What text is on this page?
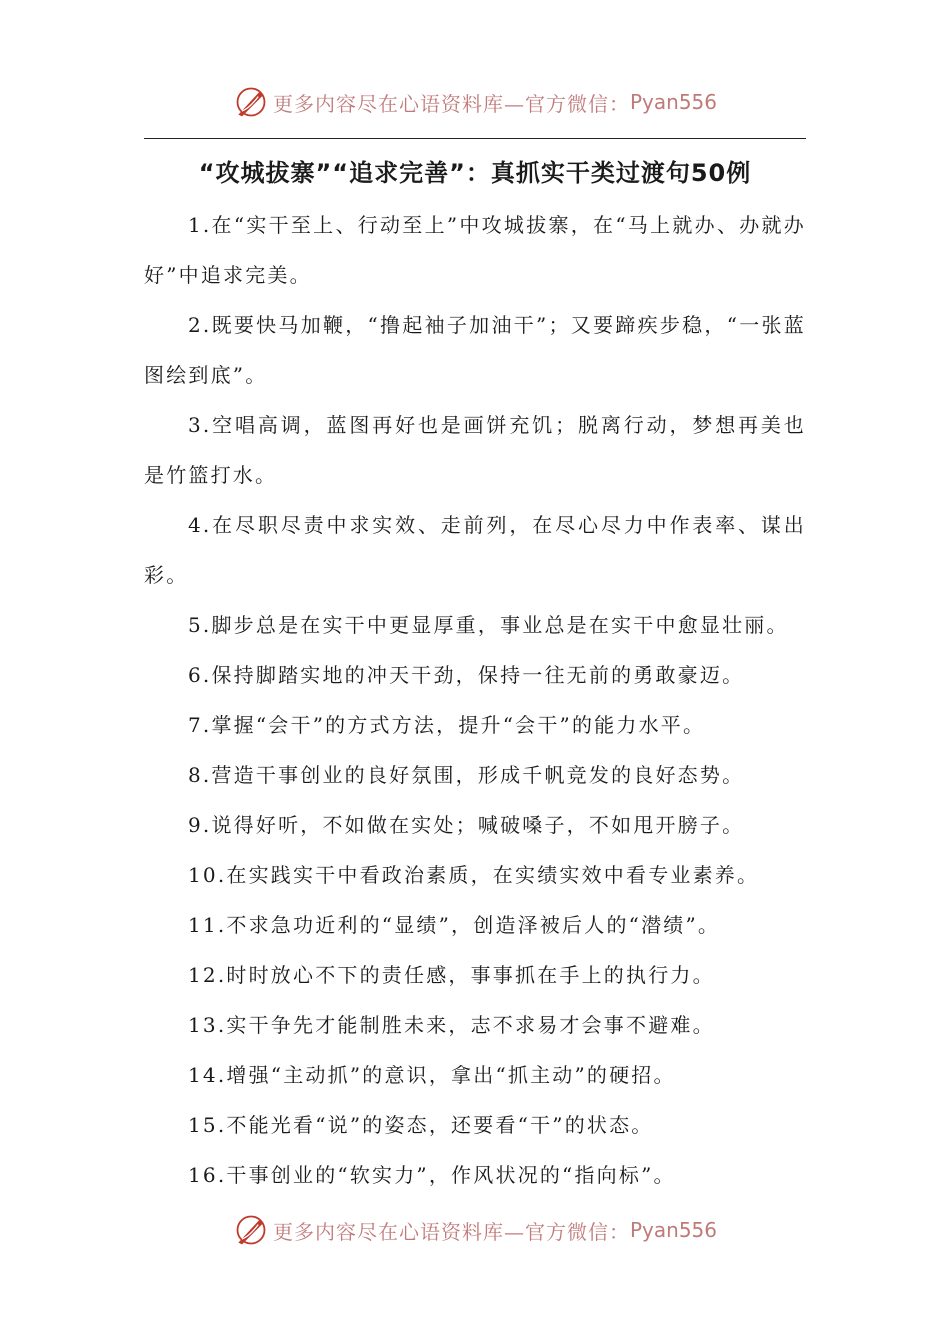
更多内容尽在心语资料库—官方微信： Pyan556
“攻城拔寨”“追求完善”：真抓实干类过渡句50例

1.在“实干至上、行动至上”中攻城拔寨，在“马上就办、办就办好”中追求完美。

2.既要快马加鞭，“撸起袖子加油干”；又要蹄疾步稳，“一张蓝图绘到底”。

3.空唱高调，蓝图再好也是画饼充饥；脱离行动，梦想再美也是竹篮打水。

4.在尽职尽责中求实效、走前列，在尽心尽力中作表率、谋出彩。

5.脚步总是在实干中更显厚重，事业总是在实干中愈显壮丽。

6.保持脚踏实地的冲天干劲，保持一往无前的勇敢豪迈。

7.掌握“会干”的方式方法，提升“会干”的能力水平。

8.营造干事创业的良好氛围，形成千帆竞发的良好态势。

9.说得好听，不如做在实处；喊破嗓子，不如甩开膀子。

10.在实践实干中看政治素质，在实绩实效中看专业素养。

11.不求急功近利的“显绩”，创造泽被后人的“潜绩”。

12.时时放心不下的责任感，事事抓在手上的执行力。

13.实干争先才能制胜未来，志不求易才会事不避难。

14.增强“主动抓”的意识，拿出“抓主动”的硬招。

15.不能光看“说”的姿态，还要看“干”的状态。

16.干事创业的“软实力”，作风状况的“指向标”。

更多内容尽在心语资料库—官方微信： Pyan556
